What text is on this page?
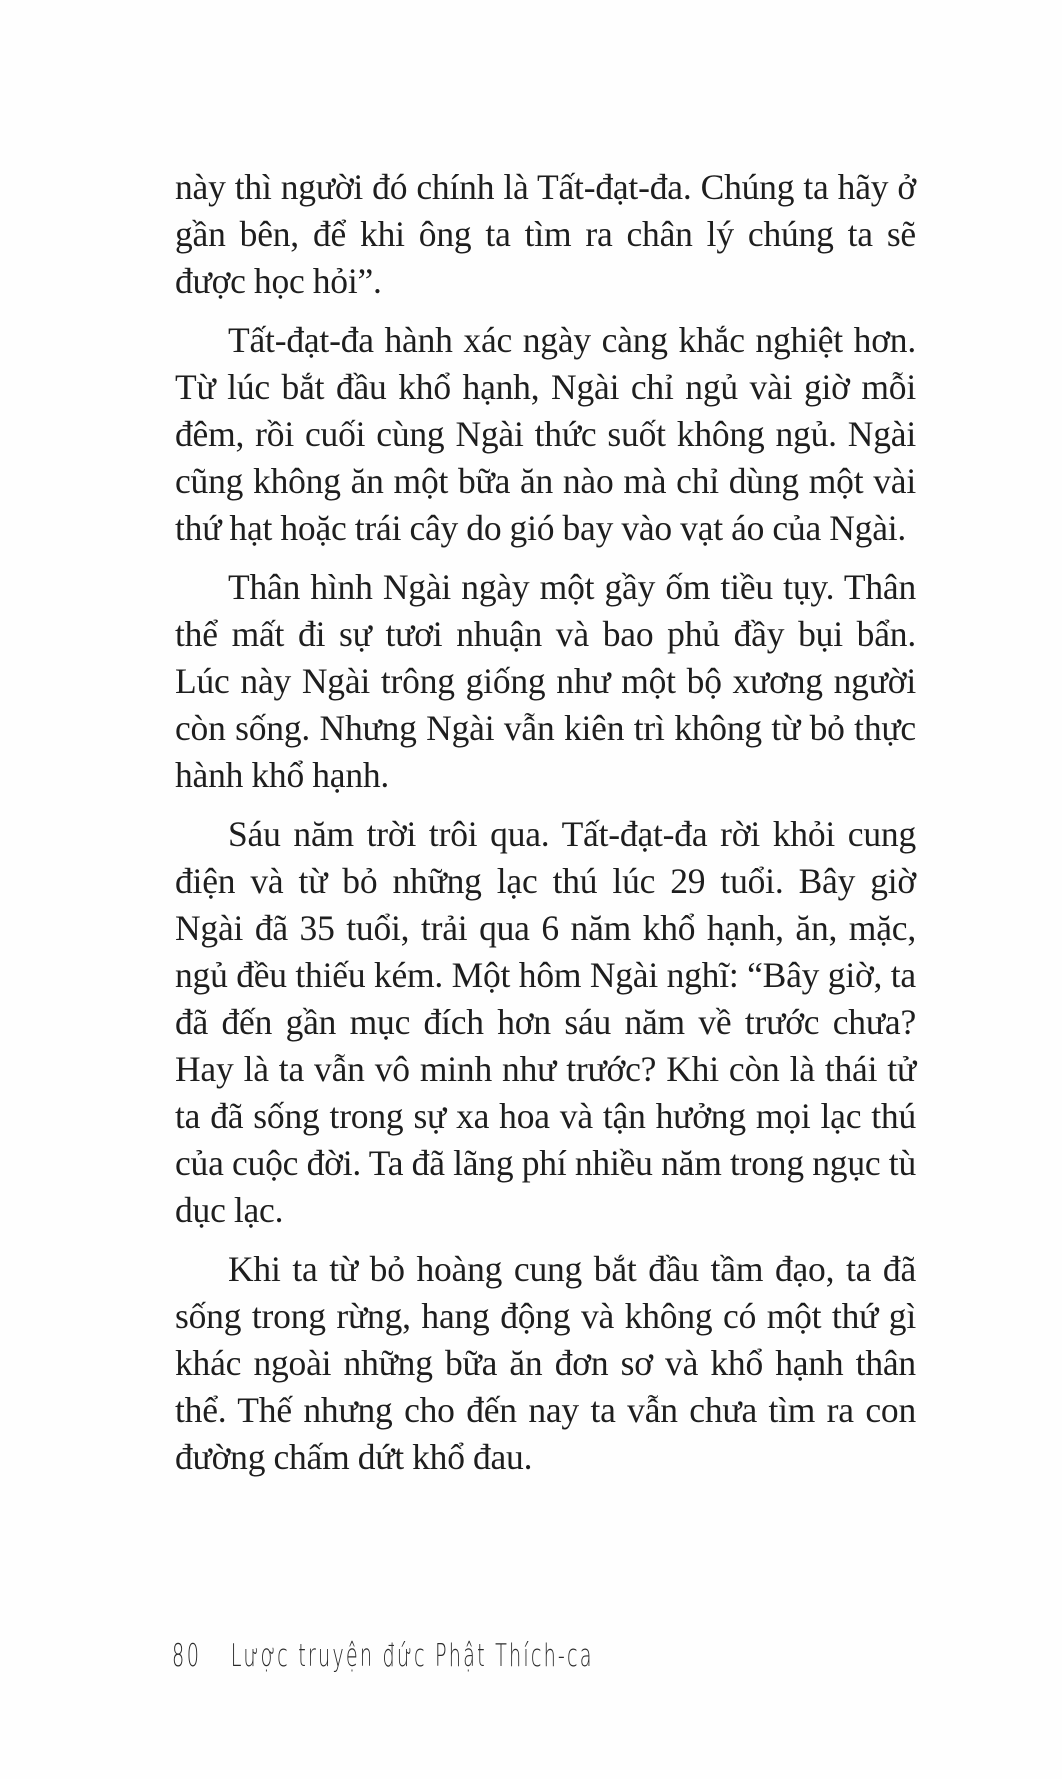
này thì người đó chính là Tất-đạt-đa. Chúng ta hãy ở gần bên, để khi ông ta tìm ra chân lý chúng ta sẽ được học hỏi”.

Tất-đạt-đa hành xác ngày càng khắc nghiệt hơn. Từ lúc bắt đầu khổ hạnh, Ngài chỉ ngủ vài giờ mỗi đêm, rồi cuối cùng Ngài thức suốt không ngủ. Ngài cũng không ăn một bữa ăn nào mà chỉ dùng một vài thứ hạt hoặc trái cây do gió bay vào vạt áo của Ngài.

Thân hình Ngài ngày một gầy ốm tiều tụy. Thân thể mất đi sự tươi nhuận và bao phủ đầy bụi bẩn. Lúc này Ngài trông giống như một bộ xương người còn sống. Nhưng Ngài vẫn kiên trì không từ bỏ thực hành khổ hạnh.

Sáu năm trời trôi qua. Tất-đạt-đa rời khỏi cung điện và từ bỏ những lạc thú lúc 29 tuổi. Bây giờ Ngài đã 35 tuổi, trải qua 6 năm khổ hạnh, ăn, mặc, ngủ đều thiếu kém. Một hôm Ngài nghĩ: “Bây giờ, ta đã đến gần mục đích hơn sáu năm về trước chưa? Hay là ta vẫn vô minh như trước? Khi còn là thái tử ta đã sống trong sự xa hoa và tận hưởng mọi lạc thú của cuộc đời. Ta đã lãng phí nhiều năm trong ngục tù dục lạc.

Khi ta từ bỏ hoàng cung bắt đầu tầm đạo, ta đã sống trong rừng, hang động và không có một thứ gì khác ngoài những bữa ăn đơn sơ và khổ hạnh thân thể. Thế nhưng cho đến nay ta vẫn chưa tìm ra con đường chấm dứt khổ đau.

80 Lược truyện đức Phật Thích-ca
